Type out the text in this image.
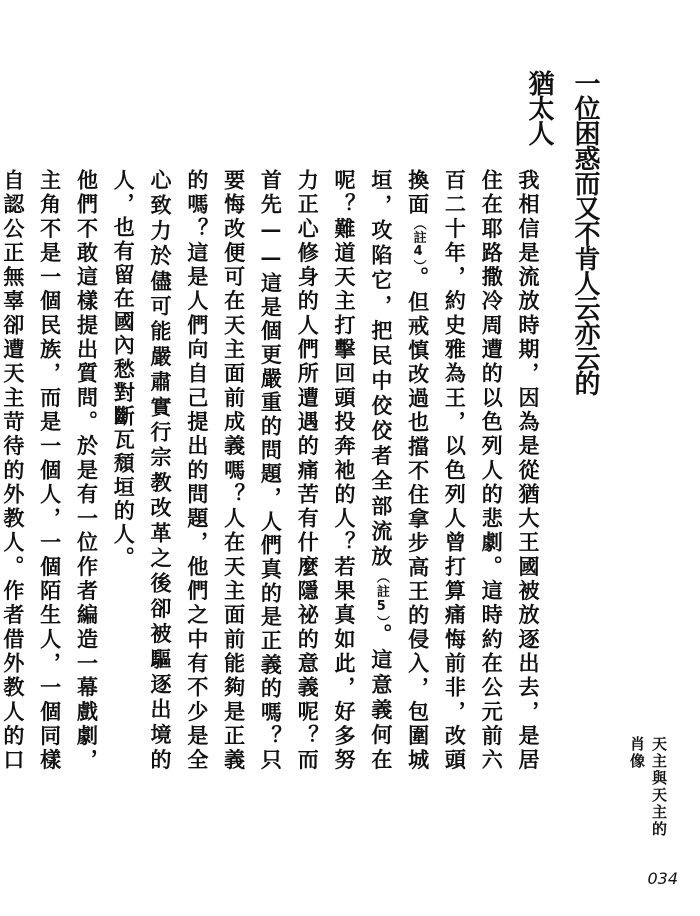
一位困惑而又不肯人云亦云的猶太人
我相信是流放時期，因為是從猶大王國被放逐出去，是居住在耶路撒冷周遭的以色列人的悲劇。這時約在公元前六百二十年，約史雅為王，以色列人曾打算痛悔前非，改頭換面（註4）。但戒慎改過也擋不住拿步高王的侵入，包圍城垣，攻陷它，把民中佼佼者全部流放（註5）。這意義何在呢？難道天主打擊回頭投奔祂的人？若果真如此，好多努力正心修身的人們所遭遇的痛苦有什麼隱祕的意義呢？而首先——這是個更嚴重的問題，人們真的是正義的嗎？只要悔改便可在天主面前成義嗎？人在天主面前能夠是正義的嗎？這是人們向自己提出的問題，他們之中有不少是全心致力於儘可能嚴肅實行宗教改革之後卻被驅逐出境的人，也有留在國內愁對斷瓦頹垣的人。
他們不敢這樣提出質問。於是有一位作者編造一幕戲劇，主角不是一個民族，而是一個人，一個陌生人，一個同樣自認公正無辜卻遭天主苛待的外教人。作者借外教人的口	天主與天主的肖像
034
